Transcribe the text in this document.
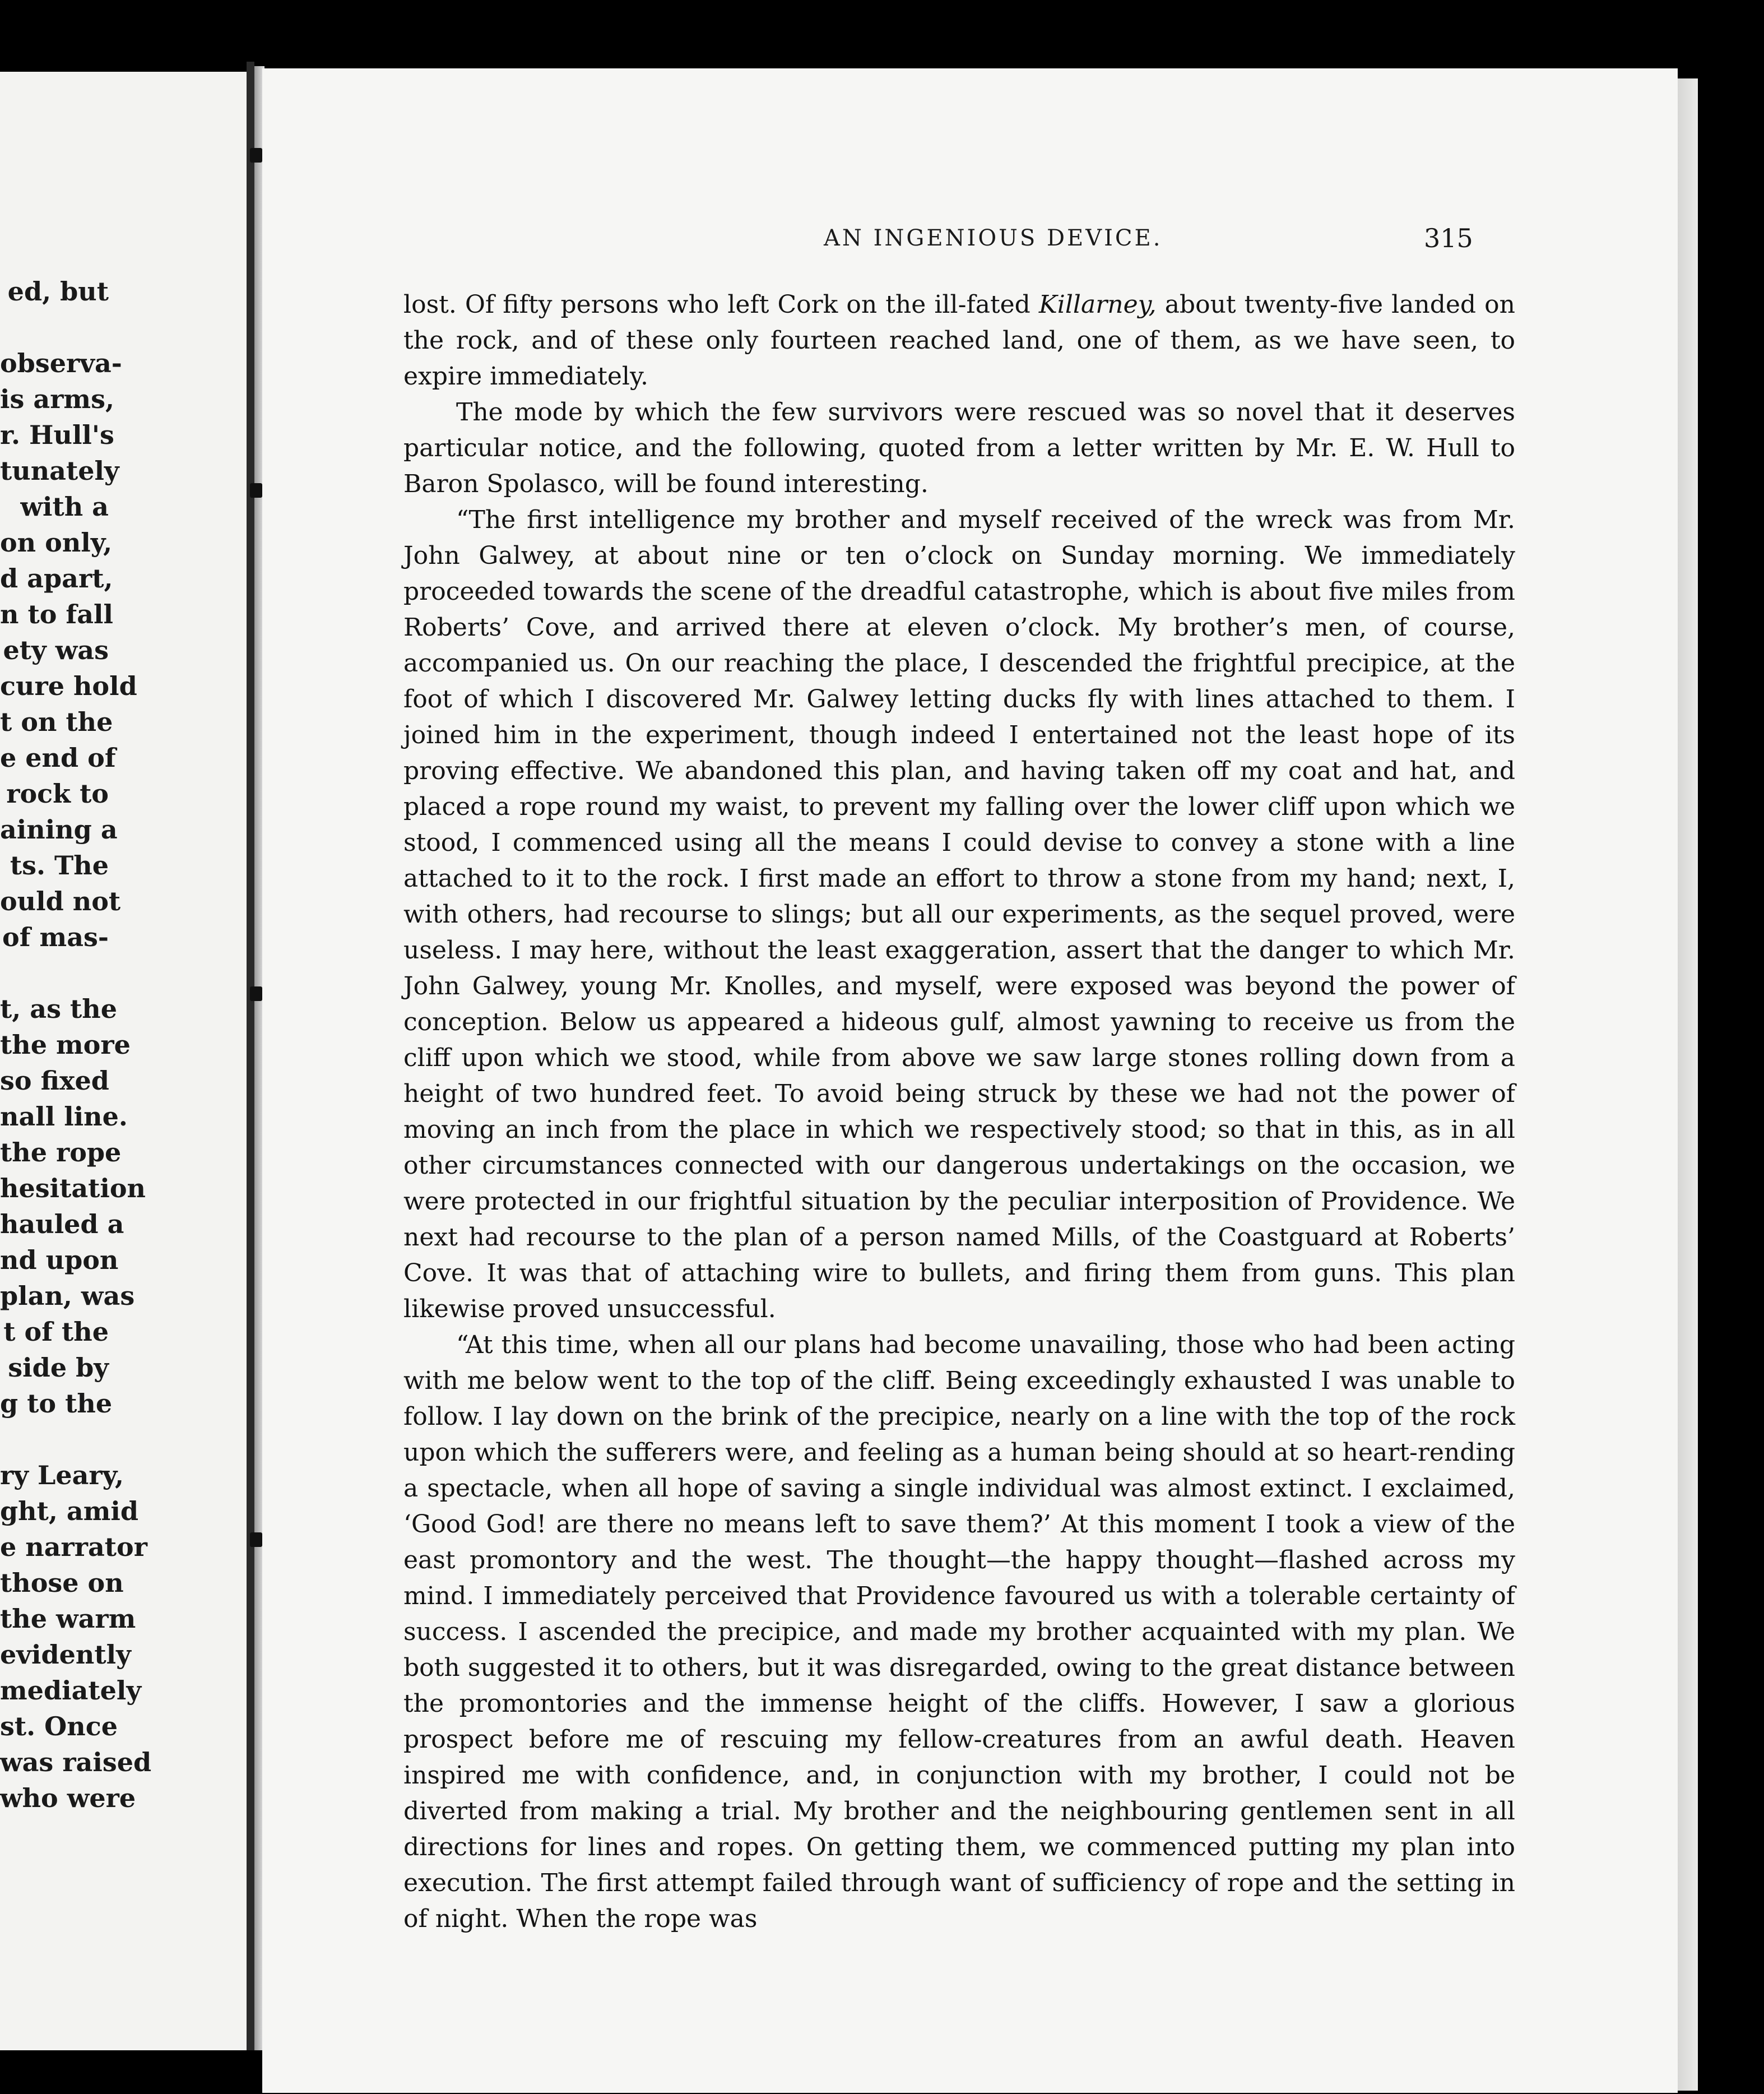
ed, but
observa-
is arms,
r. Hull's
tunately
with a
on only,
d apart,
n to fall
ety was
cure hold
t on the
e end of
rock to
aining a
ts. The
ould not
of mas-
t, as the
the more
so fixed
nall line.
the rope
hesitation
hauled a
nd upon
plan, was
t of the
side by
g to the
ry Leary,
ght, amid
e narrator
those on
the warm
evidently
mediately
st. Once
was raised
who were
AN INGENIOUS DEVICE.	315

lost. Of fifty persons who left Cork on the ill-fated Killarney, about twenty-five landed on the rock, and of these only fourteen reached land, one of them, as we have seen, to expire immediately.

The mode by which the few survivors were rescued was so novel that it deserves particular notice, and the following, quoted from a letter written by Mr. E. W. Hull to Baron Spolasco, will be found interesting.

“The first intelligence my brother and myself received of the wreck was from Mr. John Galwey, at about nine or ten o’clock on Sunday morning. We immediately proceeded towards the scene of the dreadful catastrophe, which is about five miles from Roberts’ Cove, and arrived there at eleven o’clock. My brother’s men, of course, accompanied us. On our reaching the place, I descended the frightful precipice, at the foot of which I discovered Mr. Galwey letting ducks fly with lines attached to them. I joined him in the experiment, though indeed I entertained not the least hope of its proving effective. We abandoned this plan, and having taken off my coat and hat, and placed a rope round my waist, to prevent my falling over the lower cliff upon which we stood, I commenced using all the means I could devise to convey a stone with a line attached to it to the rock. I first made an effort to throw a stone from my hand; next, I, with others, had recourse to slings; but all our experiments, as the sequel proved, were useless. I may here, without the least exaggeration, assert that the danger to which Mr. John Galwey, young Mr. Knolles, and myself, were exposed was beyond the power of conception. Below us appeared a hideous gulf, almost yawning to receive us from the cliff upon which we stood, while from above we saw large stones rolling down from a height of two hundred feet. To avoid being struck by these we had not the power of moving an inch from the place in which we respectively stood; so that in this, as in all other circumstances connected with our dangerous undertakings on the occasion, we were protected in our frightful situation by the peculiar interposition of Providence. We next had recourse to the plan of a person named Mills, of the Coastguard at Roberts’ Cove. It was that of attaching wire to bullets, and firing them from guns. This plan likewise proved unsuccessful.

“At this time, when all our plans had become unavailing, those who had been acting with me below went to the top of the cliff. Being exceedingly exhausted I was unable to follow. I lay down on the brink of the precipice, nearly on a line with the top of the rock upon which the sufferers were, and feeling as a human being should at so heart-rending a spectacle, when all hope of saving a single individual was almost extinct. I exclaimed, ‘Good God! are there no means left to save them?’ At this moment I took a view of the east promontory and the west. The thought—the happy thought—flashed across my mind. I immediately perceived that Providence favoured us with a tolerable certainty of success. I ascended the precipice, and made my brother acquainted with my plan. We both suggested it to others, but it was disregarded, owing to the great distance between the promontories and the immense height of the cliffs. However, I saw a glorious prospect before me of rescuing my fellow-creatures from an awful death. Heaven inspired me with confidence, and, in conjunction with my brother, I could not be diverted from making a trial. My brother and the neighbouring gentlemen sent in all directions for lines and ropes. On getting them, we commenced putting my plan into execution. The first attempt failed through want of sufficiency of rope and the setting in of night. When the rope was
